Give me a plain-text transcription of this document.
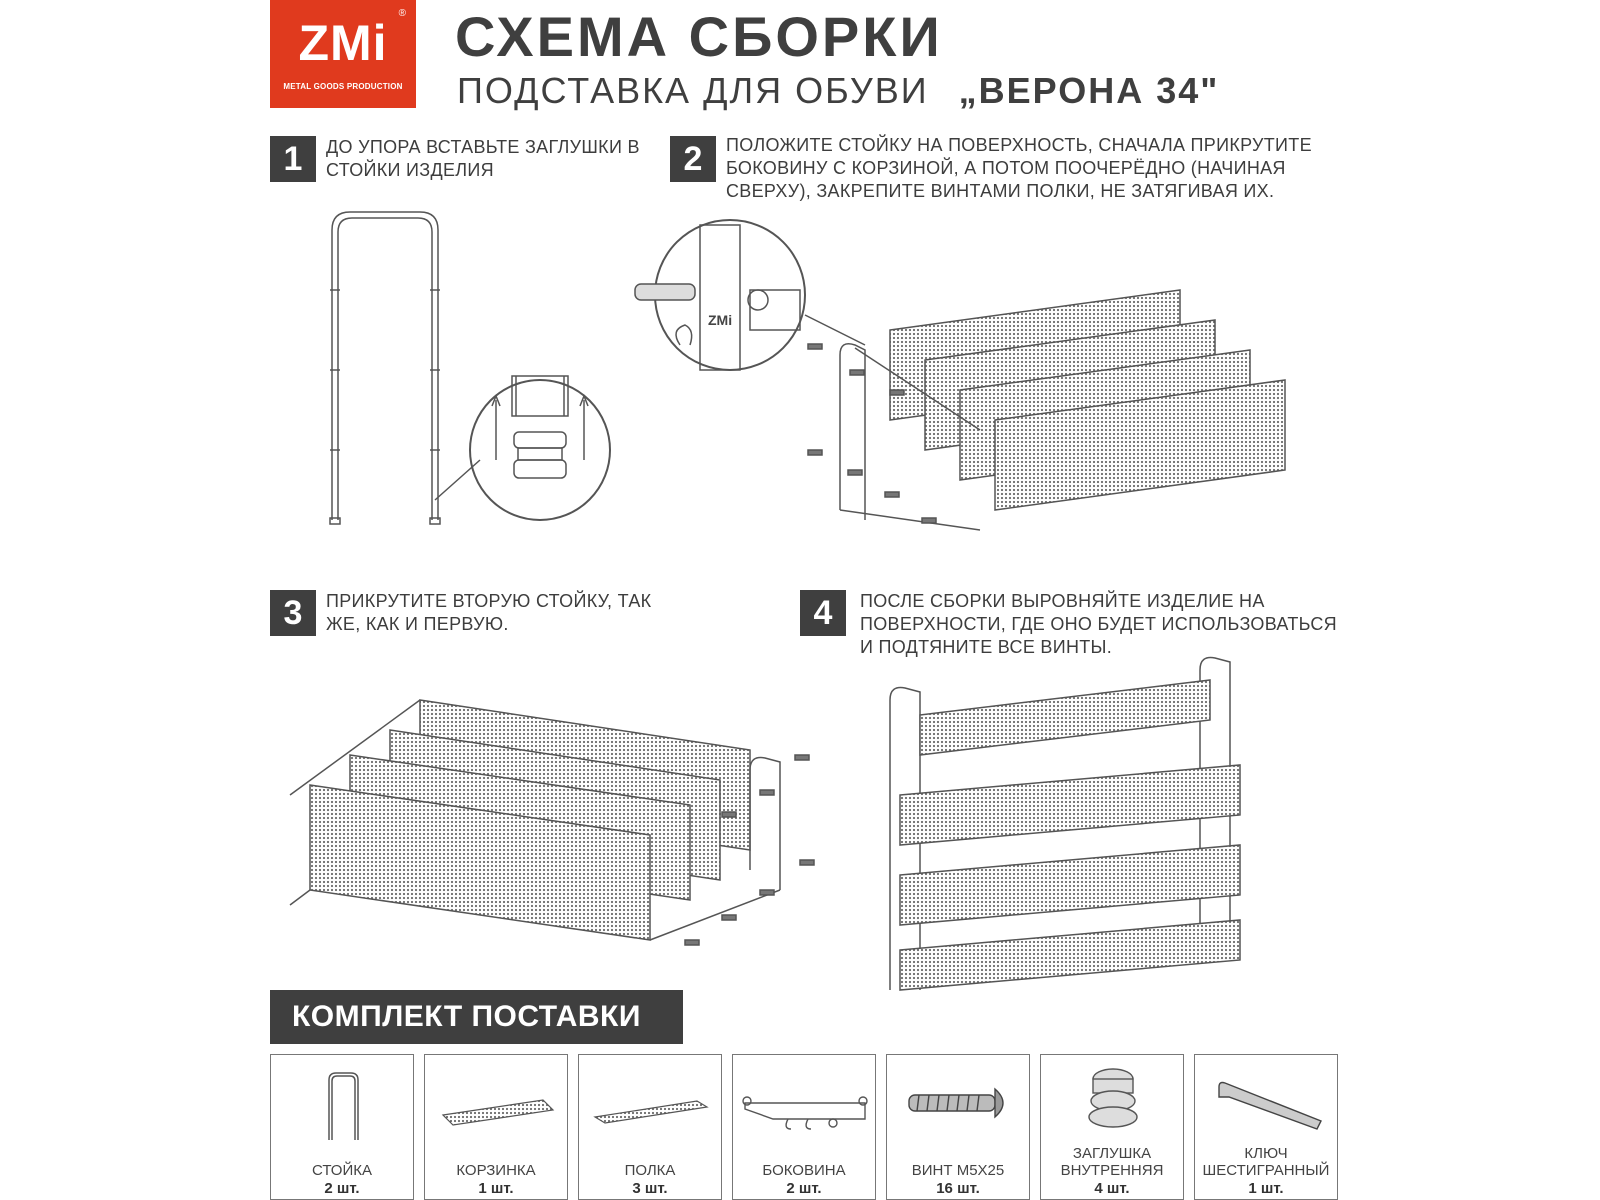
ZMi
®
METAL GOODS PRODUCTION
СХЕМА СБОРКИ
ПОДСТАВКА ДЛЯ ОБУВИ „ВЕРОНА 34"
1	ДО УПОРА ВСТАВЬТЕ ЗАГЛУШКИ В СТОЙКИ ИЗДЕЛИЯ	2	ПОЛОЖИТЕ СТОЙКУ НА ПОВЕРХНОСТЬ, СНАЧАЛА ПРИКРУТИТЕ БОКОВИНУ С КОРЗИНОЙ, А ПОТОМ ПООЧЕРЁДНО (НАЧИНАЯ СВЕРХУ), ЗАКРЕПИТЕ ВИНТАМИ ПОЛКИ, НЕ ЗАТЯГИВАЯ ИХ.
ZMi
3	ПРИКРУТИТЕ ВТОРУЮ СТОЙКУ, ТАК ЖЕ, КАК И ПЕРВУЮ.	4	ПОСЛЕ СБОРКИ ВЫРОВНЯЙТЕ ИЗДЕЛИЕ НА ПОВЕРХНОСТИ, ГДЕ ОНО БУДЕТ ИСПОЛЬЗОВАТЬСЯ И ПОДТЯНИТЕ ВСЕ ВИНТЫ.
КОМПЛЕКТ ПОСТАВКИ
СТОЙКА
2 шт.
КОРЗИНКА
1 шт.
ПОЛКА
3 шт.
БОКОВИНА
2 шт.
ВИНТ М5Х25
16 шт.
ЗАГЛУШКА ВНУТРЕННЯЯ
4 шт.
КЛЮЧ ШЕСТИГРАННЫЙ
1 шт.
